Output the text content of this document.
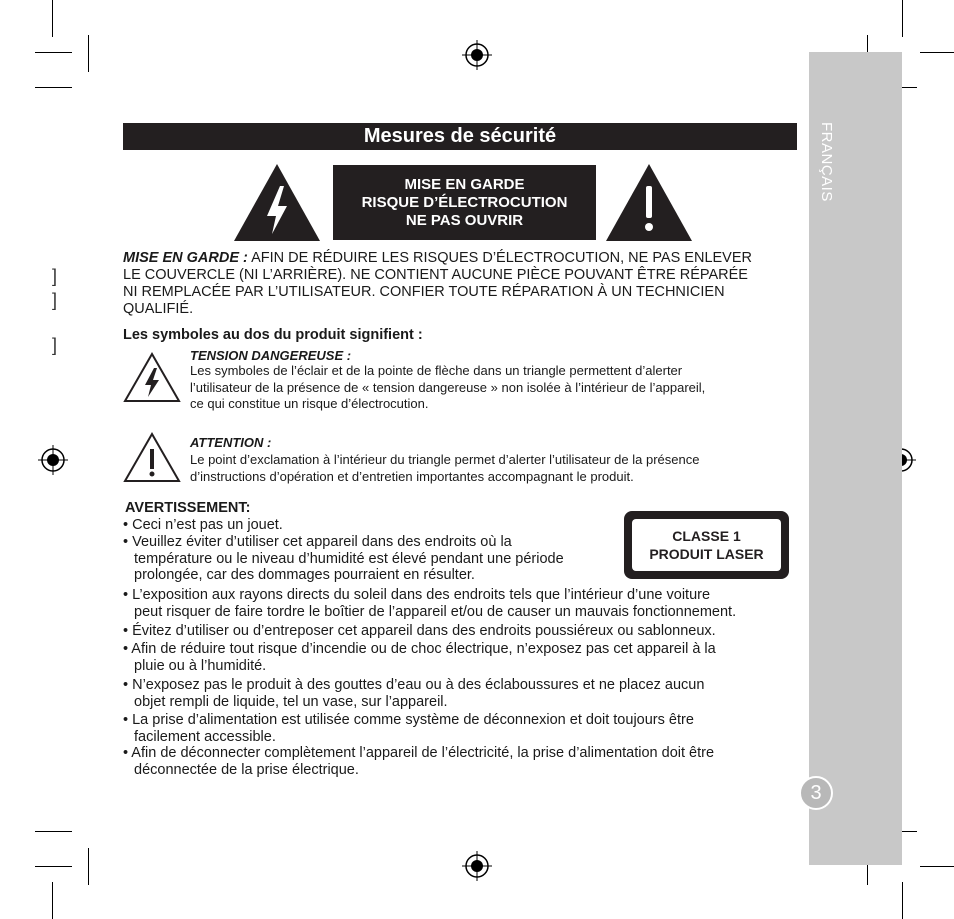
]
]
]
FRANÇAIS
3
Mesures de sécurité
MISE EN GARDE
RISQUE D’ÉLECTROCUTION
NE PAS OUVRIR
MISE EN GARDE : AFIN DE RÉDUIRE LES RISQUES D’ÉLECTROCUTION, NE PAS ENLEVER
LE COUVERCLE (NI L’ARRIÈRE). NE CONTIENT AUCUNE PIÈCE POUVANT ÊTRE RÉPARÉE
NI REMPLACÉE PAR L’UTILISATEUR. CONFIER TOUTE RÉPARATION À UN TECHNICIEN
QUALIFIÉ.
Les symboles au dos du produit signifient :
TENSION DANGEREUSE :
Les symboles de l’éclair et de la pointe de flèche dans un triangle permettent d’alerter
l’utilisateur de la présence de « tension dangereuse » non isolée à l’intérieur de l’appareil,
ce qui constitue un risque d’électrocution.
ATTENTION :
Le point d’exclamation à l’intérieur du triangle permet d’alerter l’utilisateur de la présence
d’instructions d’opération et d’entretien importantes accompagnant le produit.
AVERTISSEMENT:
• Ceci n’est pas un jouet.
• Veuillez éviter d’utiliser cet appareil dans des endroits où la
température ou le niveau d’humidité est élevé pendant une période
prolongée, car des dommages pourraient en résulter.
• L’exposition aux rayons directs du soleil dans des endroits tels que l’intérieur d’une voiture
peut risquer de faire tordre le boîtier de l’appareil et/ou de causer un mauvais fonctionnement.
• Évitez d’utiliser ou d’entreposer cet appareil dans des endroits poussiéreux ou sablonneux.
• Afin de réduire tout risque d’incendie ou de choc électrique, n’exposez pas cet appareil à la
pluie ou à l’humidité.
• N’exposez pas le produit à des gouttes d’eau ou à des éclaboussures et ne placez aucun
objet rempli de liquide, tel un vase, sur l’appareil.
• La prise d’alimentation est utilisée comme système de déconnexion et doit toujours être
facilement accessible.
• Afin de déconnecter complètement l’appareil de l’électricité, la prise d’alimentation doit être
déconnectée de la prise électrique.
CLASSE 1
PRODUIT LASER
